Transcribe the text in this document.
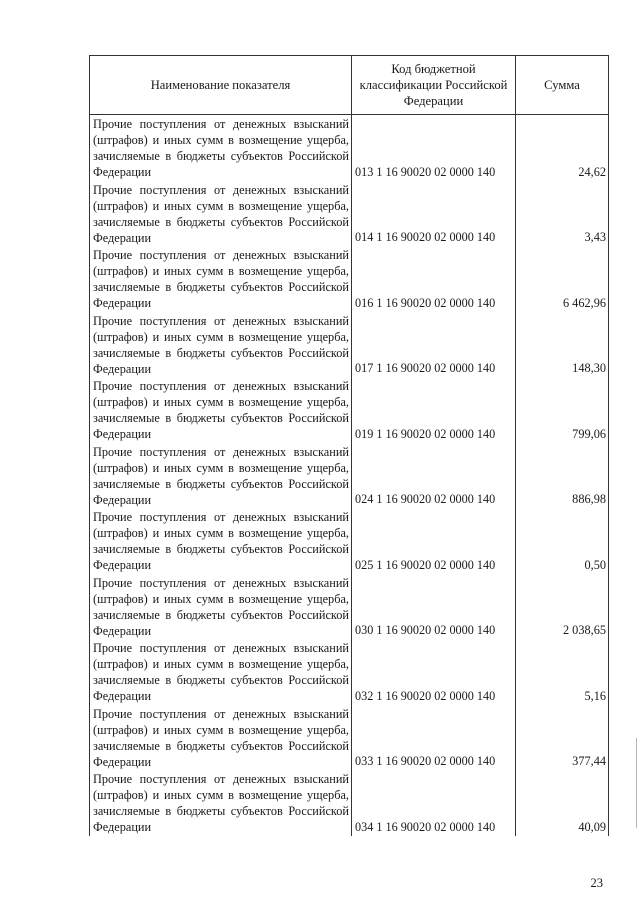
Наименование показателя	Код бюджетной классификации Российской Федерации	Сумма

Прочие поступления от денежных взысканий (штрафов) и иных сумм в возмещение ущерба, зачисляемые в бюджеты субъектов Российской Федерации	013 1 16 90020 02 0000 140	24,62

Прочие поступления от денежных взысканий (штрафов) и иных сумм в возмещение ущерба, зачисляемые в бюджеты субъектов Российской Федерации	014 1 16 90020 02 0000 140	3,43

Прочие поступления от денежных взысканий (штрафов) и иных сумм в возмещение ущерба, зачисляемые в бюджеты субъектов Российской Федерации	016 1 16 90020 02 0000 140	6 462,96

Прочие поступления от денежных взысканий (штрафов) и иных сумм в возмещение ущерба, зачисляемые в бюджеты субъектов Российской Федерации	017 1 16 90020 02 0000 140	148,30

Прочие поступления от денежных взысканий (штрафов) и иных сумм в возмещение ущерба, зачисляемые в бюджеты субъектов Российской Федерации	019 1 16 90020 02 0000 140	799,06

Прочие поступления от денежных взысканий (штрафов) и иных сумм в возмещение ущерба, зачисляемые в бюджеты субъектов Российской Федерации	024 1 16 90020 02 0000 140	886,98

Прочие поступления от денежных взысканий (штрафов) и иных сумм в возмещение ущерба, зачисляемые в бюджеты субъектов Российской Федерации	025 1 16 90020 02 0000 140	0,50

Прочие поступления от денежных взысканий (штрафов) и иных сумм в возмещение ущерба, зачисляемые в бюджеты субъектов Российской Федерации	030 1 16 90020 02 0000 140	2 038,65

Прочие поступления от денежных взысканий (штрафов) и иных сумм в возмещение ущерба, зачисляемые в бюджеты субъектов Российской Федерации	032 1 16 90020 02 0000 140	5,16

Прочие поступления от денежных взысканий (штрафов) и иных сумм в возмещение ущерба, зачисляемые в бюджеты субъектов Российской Федерации	033 1 16 90020 02 0000 140	377,44

Прочие поступления от денежных взысканий (штрафов) и иных сумм в возмещение ущерба, зачисляемые в бюджеты субъектов Российской Федерации	034 1 16 90020 02 0000 140	40,09
23
